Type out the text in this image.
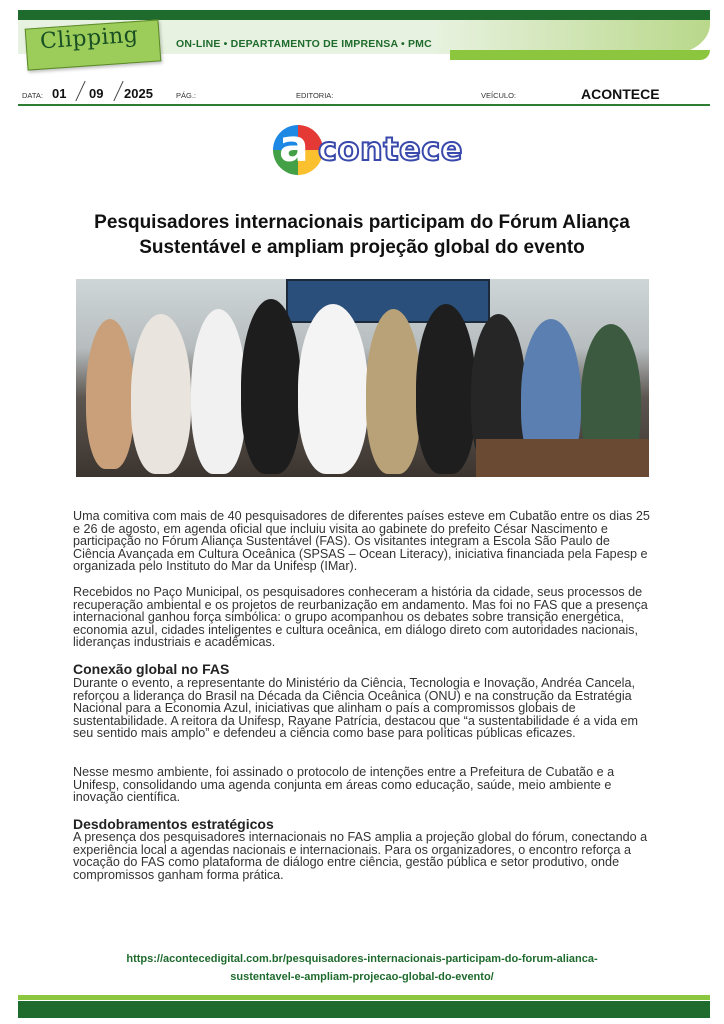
Clipping	ON-LINE • DEPARTAMENTO DE IMPRENSA • PMC
DATA: 01 09 2025	PÁG.:	EDITORIA:	VEÍCULO:	ACONTECE
a contece
Pesquisadores internacionais participam do Fórum Aliança
Sustentável e ampliam projeção global do evento
Uma comitiva com mais de 40 pesquisadores de diferentes países esteve em Cubatão entre os dias 25 e 26 de agosto, em agenda oficial que incluiu visita ao gabinete do prefeito César Nascimento e participação no Fórum Aliança Sustentável (FAS). Os visitantes integram a Escola São Paulo de Ciência Avançada em Cultura Oceânica (SPSAS – Ocean Literacy), iniciativa financiada pela Fapesp e organizada pelo Instituto do Mar da Unifesp (IMar).
Recebidos no Paço Municipal, os pesquisadores conheceram a história da cidade, seus processos de recuperação ambiental e os projetos de reurbanização em andamento. Mas foi no FAS que a presença internacional ganhou força simbólica: o grupo acompanhou os debates sobre transição energética, economia azul, cidades inteligentes e cultura oceânica, em diálogo direto com autoridades nacionais, lideranças industriais e acadêmicas.
Conexão global no FAS
Durante o evento, a representante do Ministério da Ciência, Tecnologia e Inovação, Andréa Cancela, reforçou a liderança do Brasil na Década da Ciência Oceânica (ONU) e na construção da Estratégia Nacional para a Economia Azul, iniciativas que alinham o país a compromissos globais de sustentabilidade. A reitora da Unifesp, Rayane Patrícia, destacou que “a sustentabilidade é a vida em seu sentido mais amplo” e defendeu a ciência como base para políticas públicas eficazes.
Nesse mesmo ambiente, foi assinado o protocolo de intenções entre a Prefeitura de Cubatão e a Unifesp, consolidando uma agenda conjunta em áreas como educação, saúde, meio ambiente e inovação científica.
Desdobramentos estratégicos
A presença dos pesquisadores internacionais no FAS amplia a projeção global do fórum, conectando a experiência local a agendas nacionais e internacionais. Para os organizadores, o encontro reforça a vocação do FAS como plataforma de diálogo entre ciência, gestão pública e setor produtivo, onde compromissos ganham forma prática.
https://acontecedigital.com.br/pesquisadores-internacionais-participam-do-forum-alianca-
sustentavel-e-ampliam-projecao-global-do-evento/
